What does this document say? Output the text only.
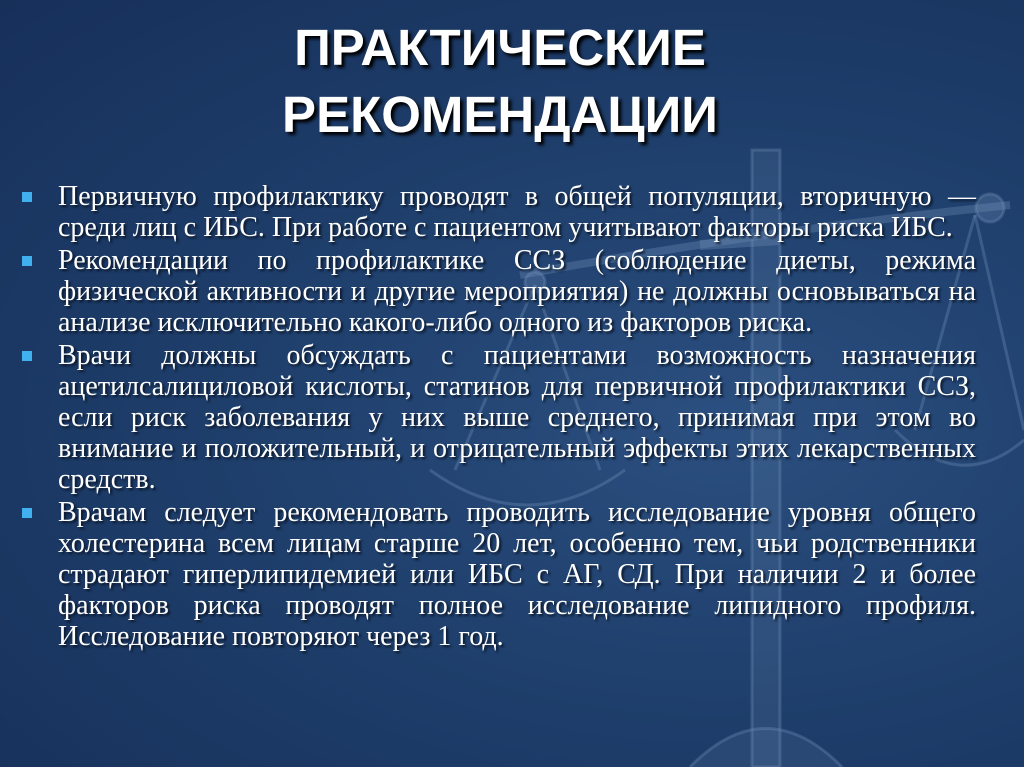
ПРАКТИЧЕСКИЕ
РЕКОМЕНДАЦИИ
Первичную профилактику проводят в общей популяции, вторичную — среди лиц с ИБС. При работе с пациентом учитывают факторы риска ИБС.
Рекомендации по профилактике ССЗ (соблюдение диеты, режима физической активности и другие мероприятия) не должны основываться на анализе исключительно какого-либо одного из факторов риска.
Врачи должны обсуждать с пациентами возможность назначения ацетилсалициловой кислоты, статинов для первичной профилактики ССЗ, если риск заболевания у них выше среднего, принимая при этом во внимание и положительный, и отрицательный эффекты этих лекарственных средств.
Врачам следует рекомендовать проводить исследование уровня общего холестерина всем лицам старше 20 лет, особенно тем, чьи родственники страдают гиперлипидемией или ИБС с АГ, СД. При наличии 2 и более факторов риска проводят полное исследование липидного профиля. Исследование повторяют через 1 год.
